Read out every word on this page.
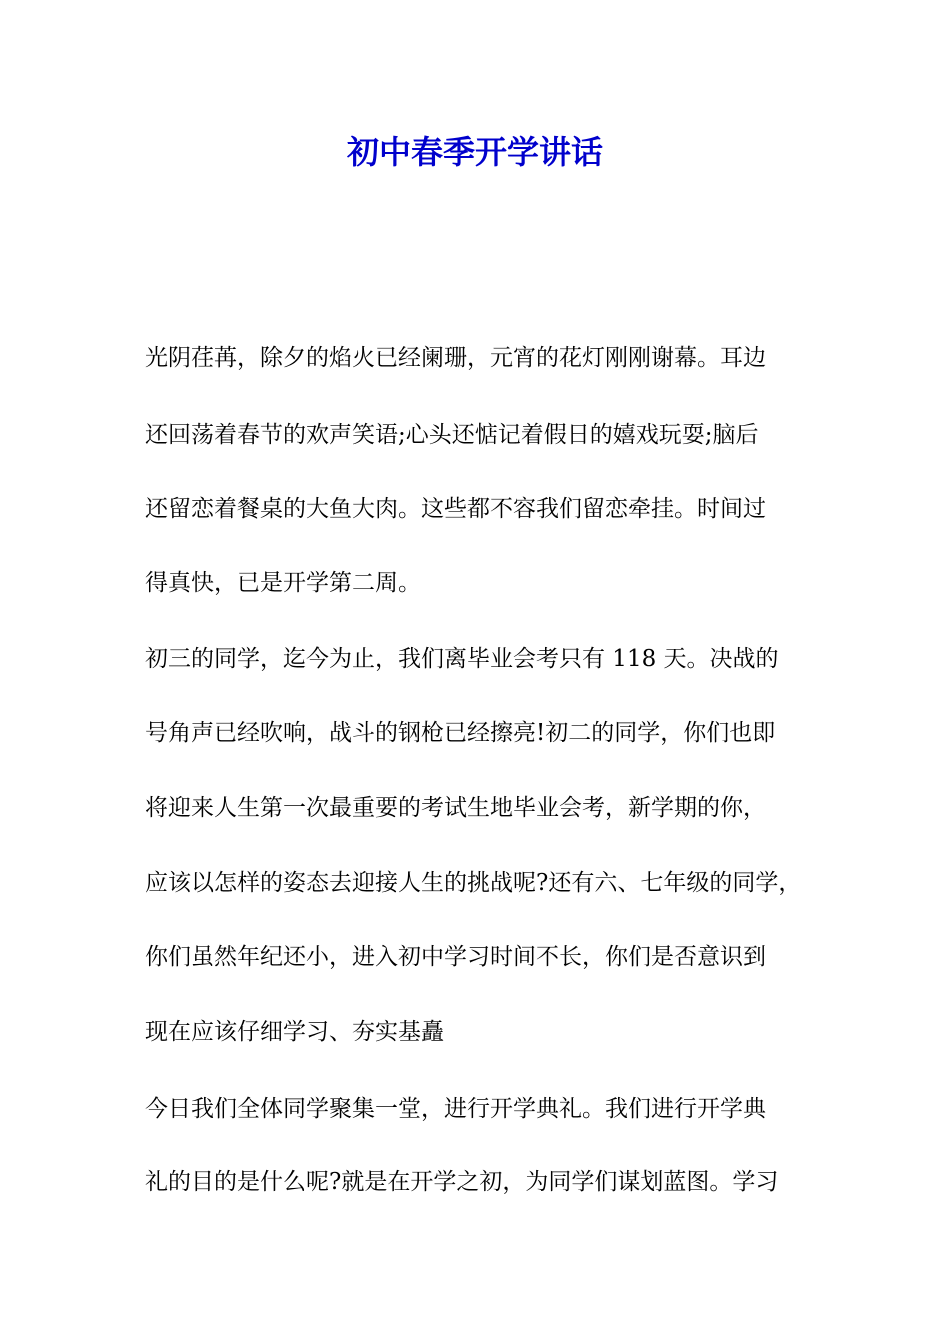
初中春季开学讲话

光阴荏苒，除夕的焰火已经阑珊，元宵的花灯刚刚谢幕。耳边

还回荡着春节的欢声笑语;心头还惦记着假日的嬉戏玩耍;脑后

还留恋着餐桌的大鱼大肉。这些都不容我们留恋牵挂。时间过

得真快，已是开学第二周。

初三的同学，迄今为止，我们离毕业会考只有 118 天。决战的

号角声已经吹响，战斗的钢枪已经擦亮!初二的同学，你们也即

将迎来人生第一次最重要的考试生地毕业会考，新学期的你，

应该以怎样的姿态去迎接人生的挑战呢?还有六、七年级的同学，

你们虽然年纪还小，进入初中学习时间不长，你们是否意识到

现在应该仔细学习、夯实基矗

今日我们全体同学聚集一堂，进行开学典礼。我们进行开学典

礼的目的是什么呢?就是在开学之初，为同学们谋划蓝图。学习
